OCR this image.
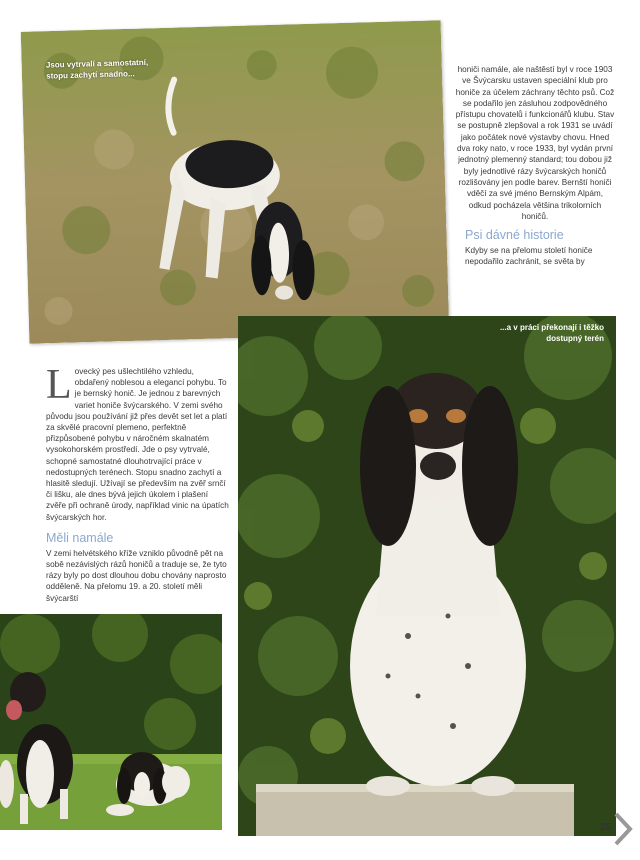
Jsou vytrvalí a samostatní, stopu zachytí snadno...	honiči namále, ale naštěstí byl v roce 1903 ve Švýcarsku ustaven speciální klub pro honiče za účelem záchrany těchto psů. Což se podařilo jen zásluhou zodpovědného přístupu chovatelů i funkcionářů klubu. Stav se postupně zlepšoval a rok 1931 se uvádí jako počátek nové výstavby chovu. Hned dva roky nato, v roce 1933, byl vydán první jednotný plemenný standard; tou dobou již byly jednotlivé rázy švýcarských honičů rozlišovány jen podle barev. Bernští honiči vděčí za své jméno Bernským Alpám, odkud pocházela většina trikolorních honičů.

Psi dávné historie

Kdyby se na přelomu století honiče nepodařilo zachránit, se světa by

...a v práci překonají i těžko dostupný terén
L ovecký pes ušlechtilého vzhledu, obdařený noblesou a elegancí pohybu. To je bernský honič. Je jednou z barevných variet honiče švýcarského. V zemi svého původu jsou používání již přes devět set let a platí za skvělé pracovní plemeno, perfektně přizpůsobené pohybu v náročném skalnatém vysokohorském prostředí. Jde o psy vytrvalé, schopné samostatné dlouhotrvající práce v nedostupných terénech. Stopu snadno zachytí a hlasitě sledují. Užívají se především na zvěř srnčí či lišku, ale dnes bývá jejich úkolem i plašení zvěře při ochraně úrody, například vinic na úpatích švýcarských hor.

Měli namále

V zemi helvétského kříže vzniklo původně pět na sobě nezávislých rázů honičů a traduje se, že tyto rázy byly po dost dlouhou dobu chovány naprosto odděleně. Na přelomu 19. a 20. století měli švýcarští

25
